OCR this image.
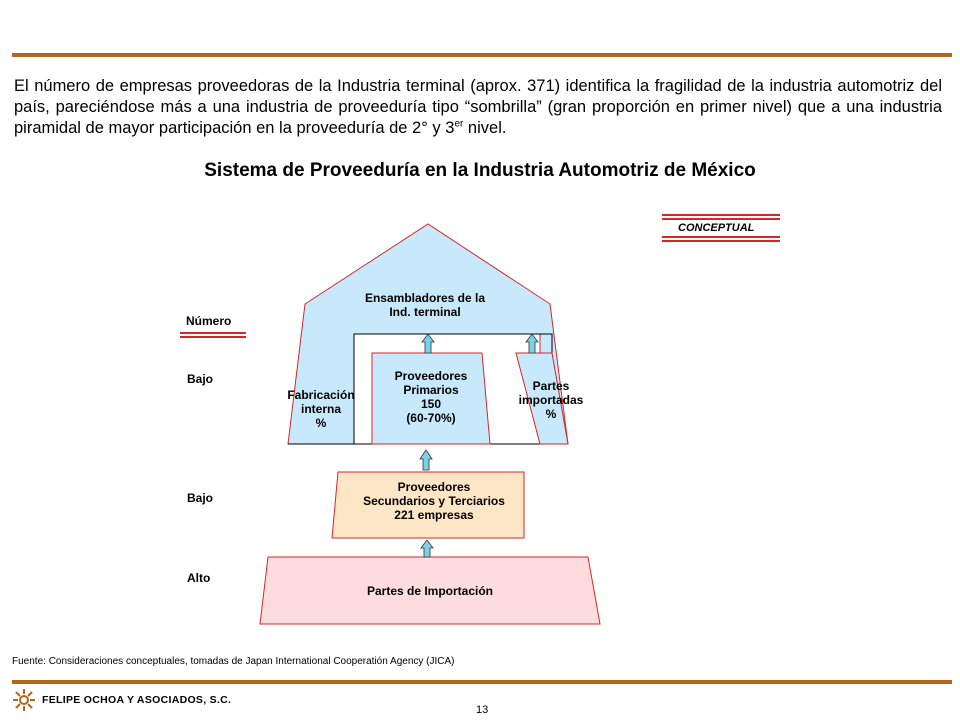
El número de empresas proveedoras de la Industria terminal (aprox. 371) identifica la fragilidad de la industria automotriz del país, pareciéndose más a una industria de proveeduría tipo “sombrilla” (gran proporción en primer nivel) que a una industria piramidal de mayor participación en la proveeduría de 2° y 3er nivel.
Sistema de Proveeduría en la Industria Automotriz de México
CONCEPTUAL
Número
Bajo
Bajo
Alto
Ensambladores de la
Ind. terminal
Fabricación
interna
%
Proveedores
Primarios
150
(60-70%)
Partes
importadas
%
Proveedores
Secundarios y Terciarios
221 empresas
Partes de Importación
Fuente: Consideraciones conceptuales, tomadas de Japan International Cooperatión Agency (JICA)
FELIPE OCHOA Y ASOCIADOS, S.C.
13
